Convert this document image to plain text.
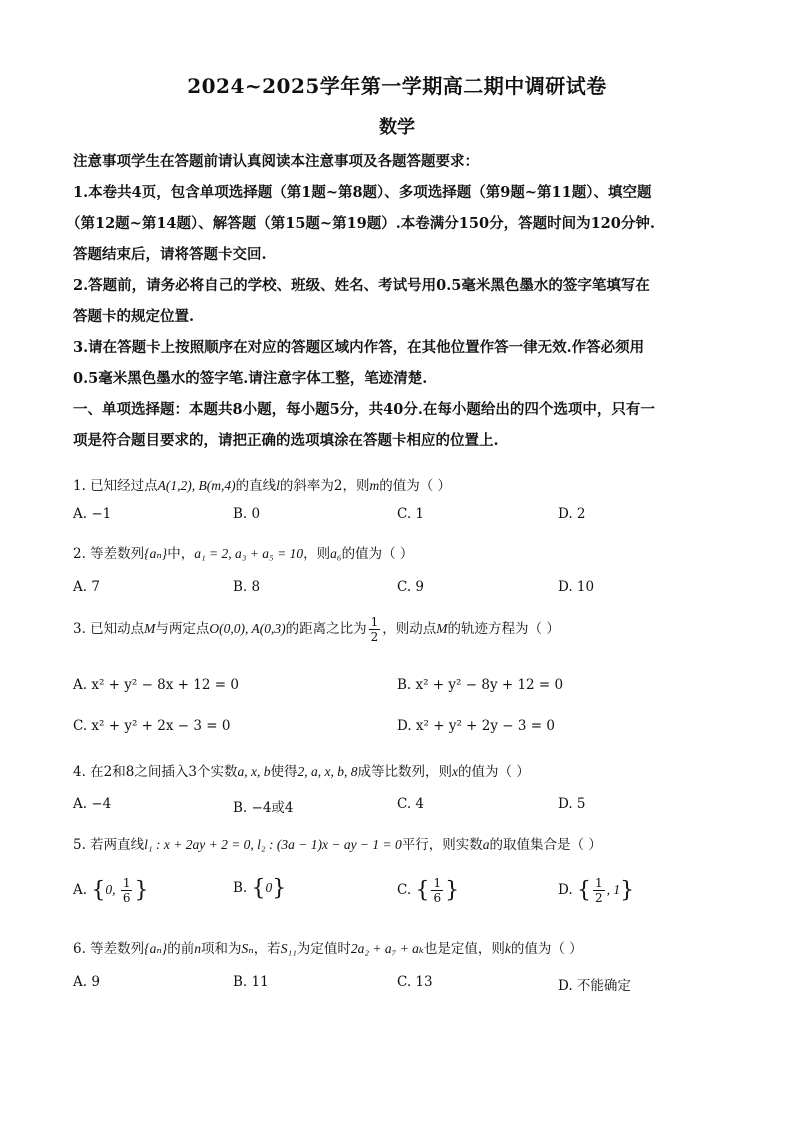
2024~2025学年第一学期高二期中调研试卷
数学
注意事项学生在答题前请认真阅读本注意事项及各题答题要求：
1.本卷共4页，包含单项选择题（第1题~第8题）、多项选择题（第9题~第11题）、填空题
（第12题~第14题）、解答题（第15题~第19题）.本卷满分150分，答题时间为120分钟.
答题结束后，请将答题卡交回.
2.答题前，请务必将自己的学校、班级、姓名、考试号用0.5毫米黑色墨水的签字笔填写在
答题卡的规定位置.
3.请在答题卡上按照顺序在对应的答题区域内作答，在其他位置作答一律无效.作答必须用
0.5毫米黑色墨水的签字笔.请注意字体工整，笔迹清楚.
一、单项选择题：本题共8小题，每小题5分，共40分.在每小题给出的四个选项中，只有一
项是符合题目要求的，请把正确的选项填涂在答题卡相应的位置上.
1. 已知经过点A(1,2), B(m,4)的直线l的斜率为2，则m的值为（ ）
A. −1	B. 0	C. 1	D. 2
2. 等差数列{aₙ}中，a₁ = 2, a₃ + a₅ = 10，则a₆的值为（ ）
A. 7	B. 8	C. 9	D. 10
3. 已知动点M与两定点O(0,0), A(0,3)的距离之比为 $\frac{1}{2}$ ，则动点M的轨迹方程为（ ）
A. x² + y² − 8x + 12 = 0	B. x² + y² − 8y + 12 = 0
C. x² + y² + 2x − 3 = 0	D. x² + y² + 2y − 3 = 0
4. 在2和8之间插入3个实数a, x, b使得2, a, x, b, 8成等比数列，则x的值为（ ）
A. −4	B. −4或4	C. 4	D. 5
5. 若两直线l₁ : x + 2ay + 2 = 0, l₂ : (3a − 1)x − ay − 1 = 0平行，则实数a的取值集合是（ ）
A. {0, $\frac{1}{6}$ }	B. {0}	C. { $\frac{1}{6}$ }	D. { $\frac{1}{2}$ , 1}
6. 等差数列{aₙ}的前n项和为Sₙ，若S₁₁为定值时2a₂ + a₇ + aₖ也是定值，则k的值为（ ）
A. 9	B. 11	C. 13	D. 不能确定
